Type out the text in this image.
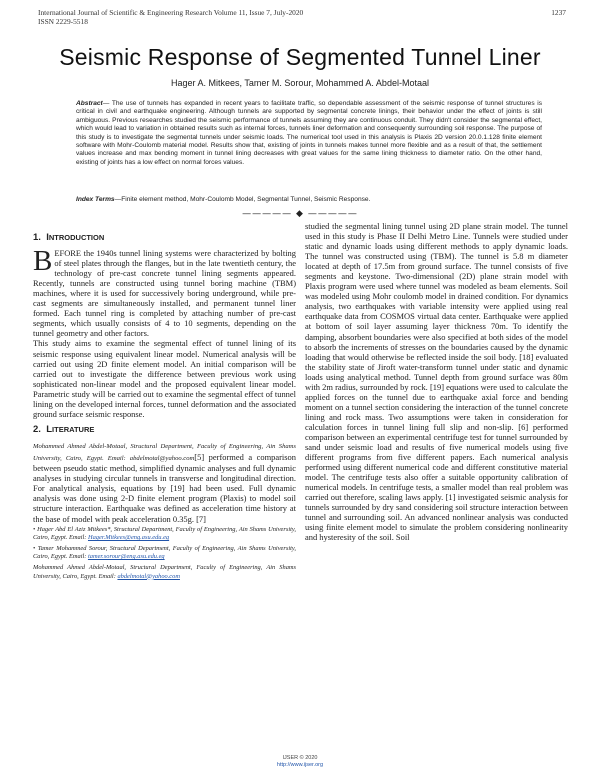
International Journal of Scientific & Engineering Research Volume 11, Issue 7, July-2020
ISSN 2229-5518
1237
Seismic Response of Segmented Tunnel Liner
Hager A. Mitkees, Tamer M. Sorour, Mohammed A. Abdel-Motaal
Abstract— The use of tunnels has expanded in recent years to facilitate traffic, so dependable assessment of the seismic response of tunnel structures is critical in civil and earthquake engineering. Although tunnels are supported by segmental concrete linings, their behavior under the effect of joints is still ambiguous. Previous researches studied the seismic performance of tunnels assuming they are continuous conduit. They didn't consider the segmental effect, which would lead to variation in obtained results such as internal forces, tunnels liner deformation and consequently surrounding soil response. The purpose of this study is to investigate the segmental tunnels under seismic loads. The numerical tool used in this analysis is Plaxis 2D version 20.0.1.128 finite element software with Mohr-Coulomb material model. Results show that, existing of joints in tunnels makes tunnel more flexible and as a result of that, the settlement values increase and max bending moment in tunnel lining decreases with great values for the same lining thickness to diameter ratio. On the other hand, existing of joints has a low effect on normal forces values.
Index Terms—Finite element method, Mohr-Coulomb Model, Segmental Tunnel, Seismic Response.
————— ◆ —————
1. INTRODUCTION

BEFORE the 1940s tunnel lining systems were characterized by bolting of steel plates through the flanges, but in the late twentieth century, the technology of pre-cast concrete tunnel lining segments appeared. Recently, tunnels are constructed using tunnel boring machine (TBM) machines, where it is used for successively boring underground, while pre-cast segments are simultaneously installed, and permanent tunnel liner formed. Each tunnel ring is completed by attaching number of pre-cast segments, which usually consists of 4 to 10 segments, depending on the tunnel geometry and other factors.

This study aims to examine the segmental effect of tunnel lining of its seismic response using equivalent linear model. Numerical analysis will be carried out using 2D finite element model. An initial comparison will be carried out to investigate the difference between previous work using sophisticated non-linear model and the proposed equivalent linear model. Parametric study will be carried out to examine the segmental effect of tunnel lining on the developed internal forces, tunnel deformation and the associated ground surface seismic response.

2. LITERATURE

Mohammed Ahmed Abdel-Motaal, Structural Department, Faculty of Engineering, Ain Shams University, Cairo, Egypt. Email: abdelmotal@yahoo.com[5] performed a comparison between pseudo static method, simplified dynamic analyses and full dynamic analyses in studying circular tunnels in transverse and longitudinal direction. For analytical analysis, equations by [19] had been used. Full dynamic analysis was done using 2-D finite element program (Plaxis) to model soil structure interaction. Earthquake was defined as acceleration time history at the base of model with peak acceleration 0.35g. [7]

• Hager Abd El Aziz Mitkees*, Structural Department, Faculty of Engineering, Ain Shams University, Cairo, Egypt. Email: Hager.Mitkees@eng.asu.edu.eg
• Tamer Mohammed Sorour, Structural Department, Faculty of Engineering, Ain Shams University, Cairo, Egypt. Email: tamer.sorour@eng.asu.edu.eg
Mohammed Ahmed Abdel-Motaal, Structural Department, Faculty of Engineering, Ain Shams University, Cairo, Egypt. Email: abdelmotal@yahoo.com

studied the segmental lining tunnel using 2D plane strain model. The tunnel used in this study is Phase II Delhi Metro Line. Tunnels were studied under static and dynamic loads using different methods to apply dynamic loads. The tunnel was constructed using (TBM). The tunnel is 5.8 m diameter located at depth of 17.5m from ground surface. The tunnel consists of five segments and keystone. Two-dimensional (2D) plane strain model with Plaxis program were used where tunnel was modeled as beam elements. Soil was modeled using Mohr coulomb model in drained condition. For dynamics analysis, two earthquakes with variable intensity were applied using real earthquake data from COSMOS virtual data center. Earthquake were applied at bottom of soil layer assuming layer thickness 70m. To identify the damping, absorbent boundaries were also specified at both sides of the model to absorb the increments of stresses on the boundaries caused by the dynamic loading that would otherwise be reflected inside the soil body. [18] evaluated the stability state of Jiroft water-transform tunnel under static and dynamic loads using analytical method. Tunnel depth from ground surface was 80m with 2m radius, surrounded by rock. [19] equations were used to calculate the applied forces on the tunnel due to earthquake axial force and bending moment on a tunnel section considering the interaction of the tunnel concrete lining and rock mass. Two assumptions were taken in consideration for calculation forces in tunnel lining full slip and non-slip. [6] performed comparison between an experimental centrifuge test for tunnel surrounded by sand under seismic load and results of five numerical models using five different programs from five different papers. Each numerical analysis performed using different numerical code and different constitutive material model. The centrifuge tests also offer a suitable opportunity calibration of numerical models. In centrifuge tests, a smaller model than real problem was carried out therefore, scaling laws apply. [1] investigated seismic analysis for tunnels surrounded by dry sand considering soil structure interaction between tunnel and surrounding soil. An advanced nonlinear analysis was conducted using finite element model to simulate the problem considering nonlinearity and hysteresity of the soil. Soil

IJSER © 2020
http://www.ijser.org
